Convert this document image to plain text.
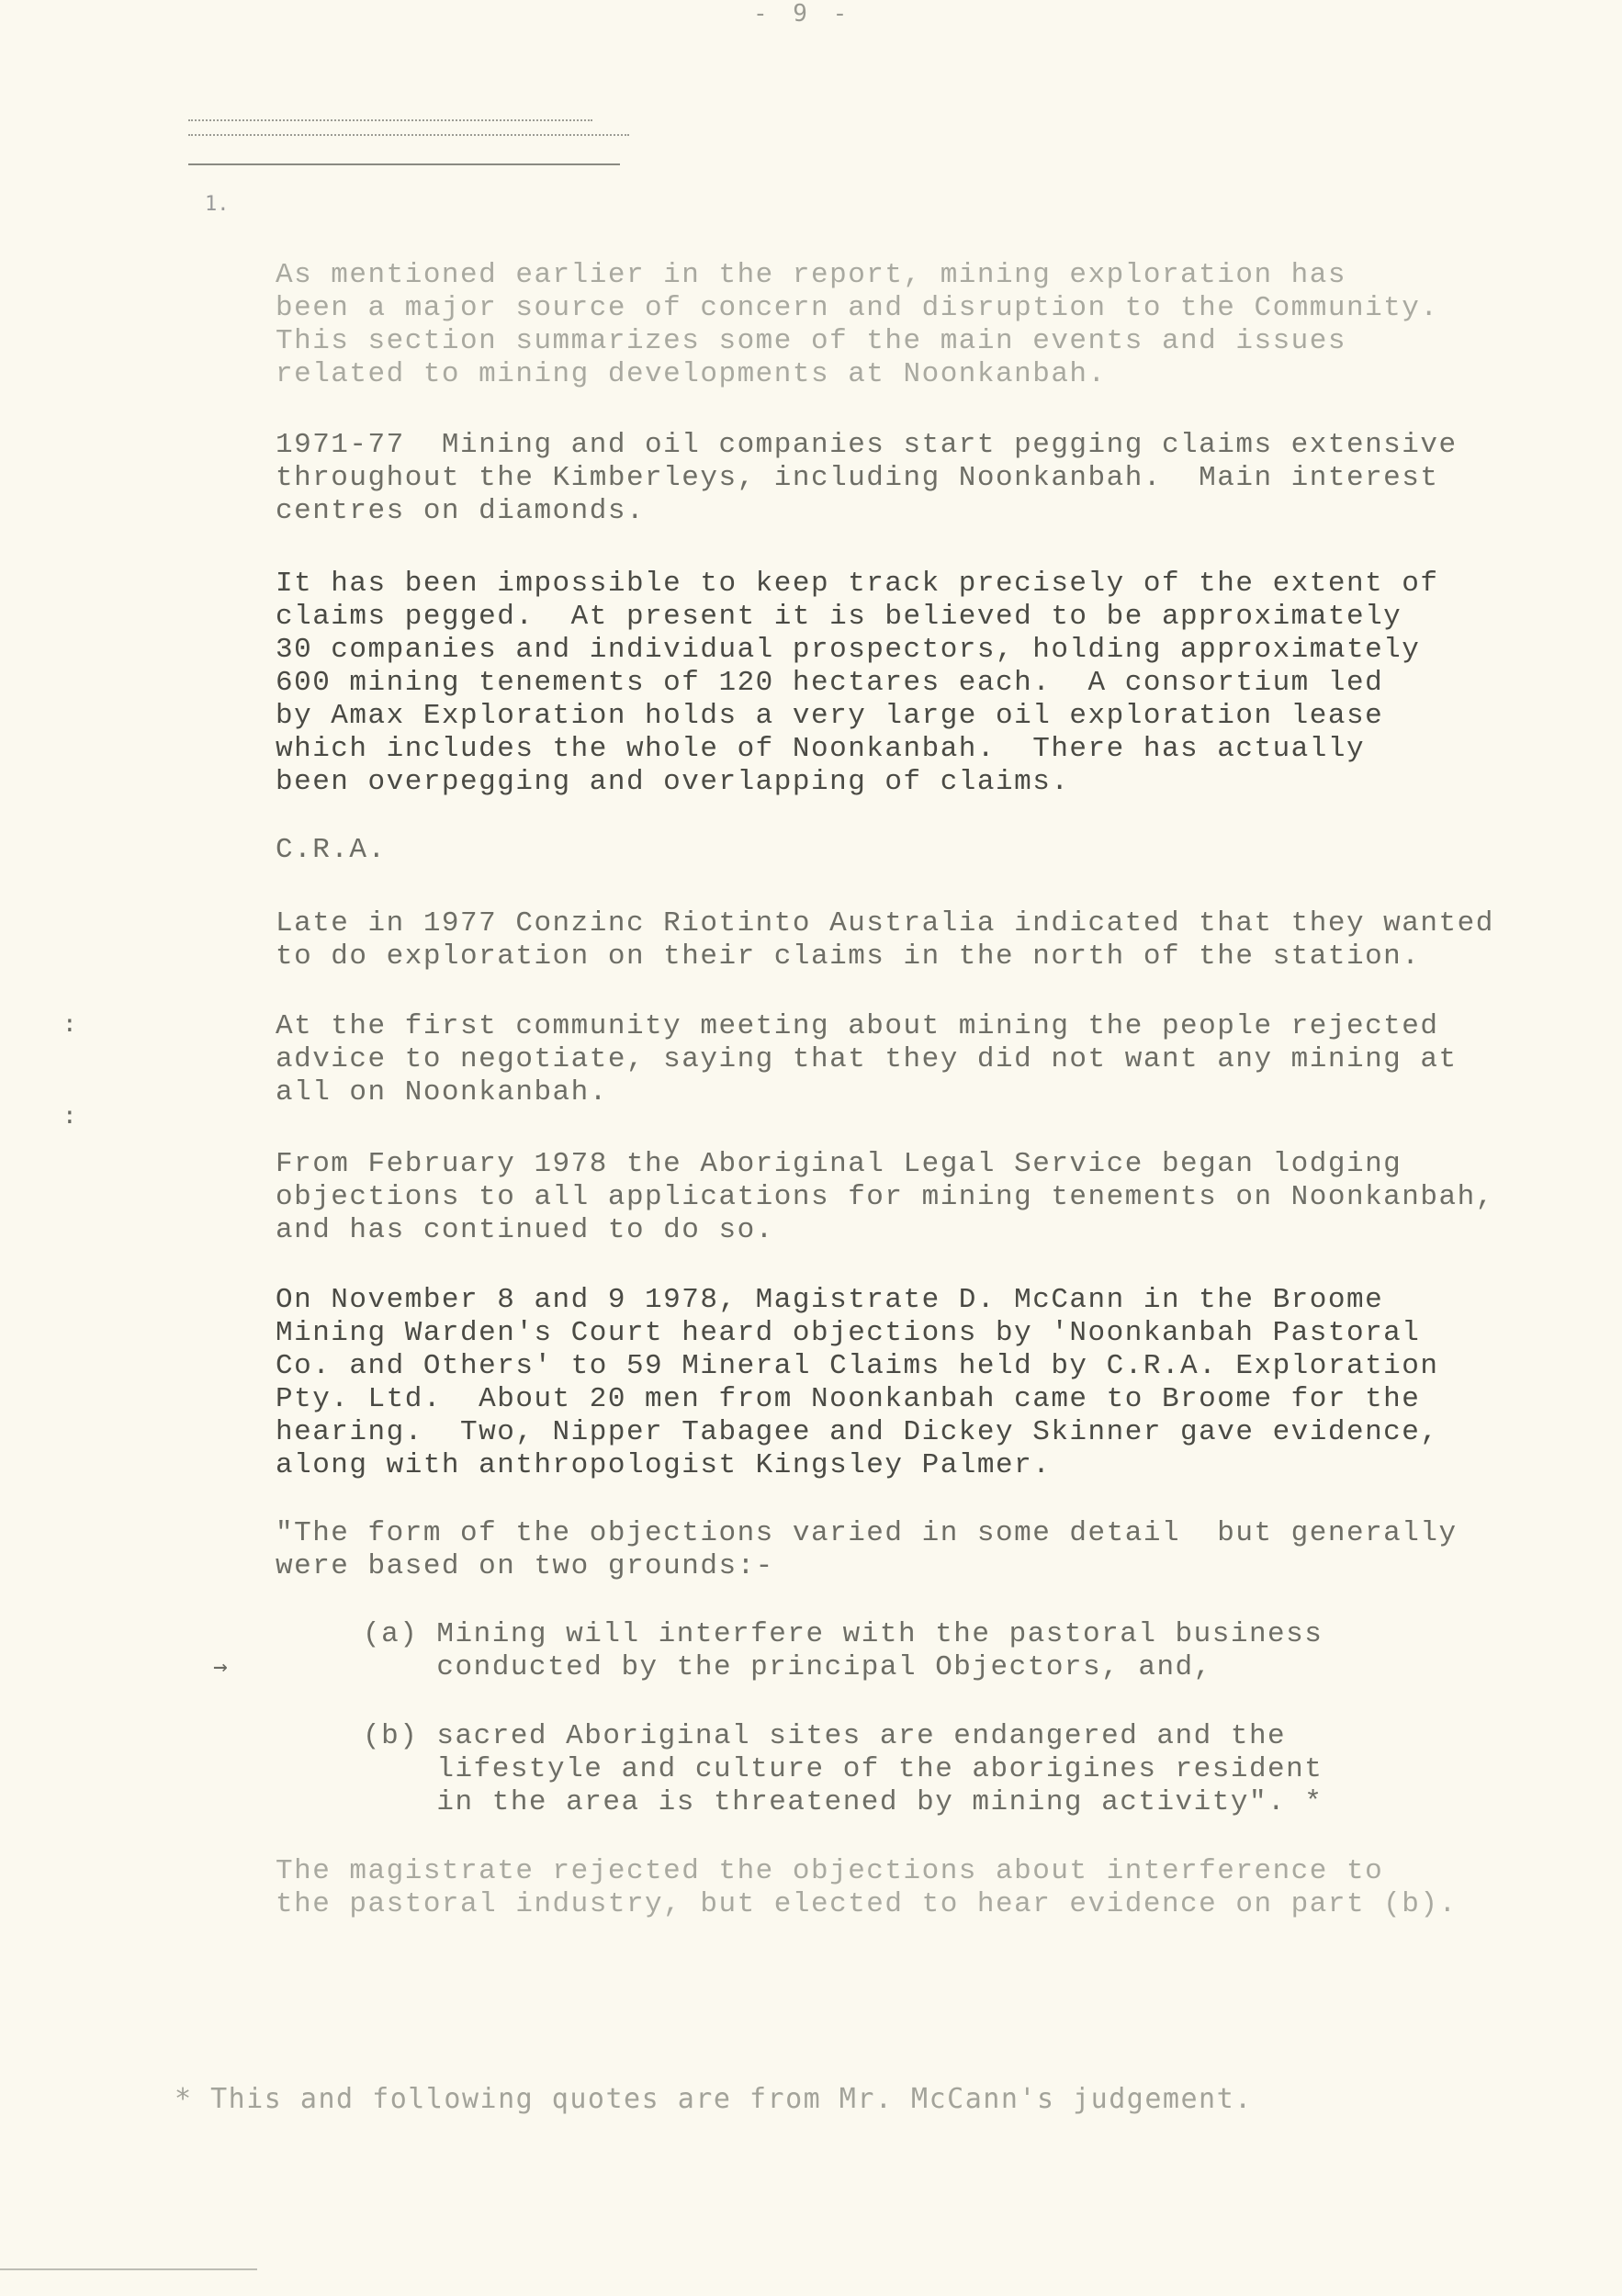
- 9 -
1.
As mentioned earlier in the report, mining exploration has
been a major source of concern and disruption to the Community.
This section summarizes some of the main events and issues
related to mining developments at Noonkanbah.
1971-77  Mining and oil companies start pegging claims extensive
throughout the Kimberleys, including Noonkanbah.  Main interest
centres on diamonds.
It has been impossible to keep track precisely of the extent of
claims pegged.  At present it is believed to be approximately
30 companies and individual prospectors, holding approximately
600 mining tenements of 120 hectares each.  A consortium led
by Amax Exploration holds a very large oil exploration lease
which includes the whole of Noonkanbah.  There has actually
been overpegging and overlapping of claims.
C.R.A.
Late in 1977 Conzinc Riotinto Australia indicated that they wanted
to do exploration on their claims in the north of the station.
At the first community meeting about mining the people rejected
advice to negotiate, saying that they did not want any mining at
all on Noonkanbah.
From February 1978 the Aboriginal Legal Service began lodging
objections to all applications for mining tenements on Noonkanbah,
and has continued to do so.
On November 8 and 9 1978, Magistrate D. McCann in the Broome
Mining Warden's Court heard objections by 'Noonkanbah Pastoral
Co. and Others' to 59 Mineral Claims held by C.R.A. Exploration
Pty. Ltd.  About 20 men from Noonkanbah came to Broome for the
hearing.  Two, Nipper Tabagee and Dickey Skinner gave evidence,
along with anthropologist Kingsley Palmer.
"The form of the objections varied in some detail  but generally
were based on two grounds:-
(a) Mining will interfere with the pastoral business
conducted by the principal Objectors, and,
(b) sacred Aboriginal sites are endangered and the
lifestyle and culture of the aborigines resident
in the area is threatened by mining activity". *
The magistrate rejected the objections about interference to
the pastoral industry, but elected to hear evidence on part (b).
* This and following quotes are from Mr. McCann's judgement.
:
:
→
